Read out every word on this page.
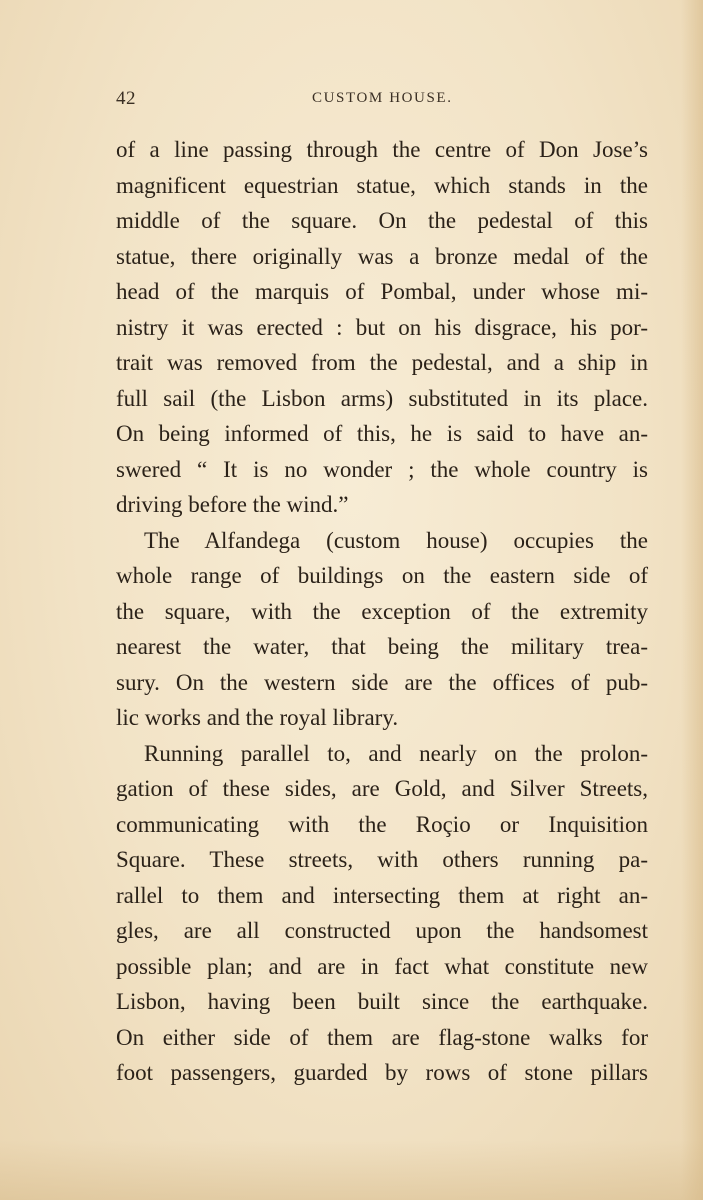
42	CUSTOM HOUSE.
of a line passing through the centre of Don Jose’s
magnificent equestrian statue, which stands in the
middle of the square. On the pedestal of this
statue, there originally was a bronze medal of the
head of the marquis of Pombal, under whose mi-
nistry it was erected : but on his disgrace, his por-
trait was removed from the pedestal, and a ship in
full sail (the Lisbon arms) substituted in its place.
On being informed of this, he is said to have an-
swered “ It is no wonder ; the whole country is
driving before the wind.”
The Alfandega (custom house) occupies the
whole range of buildings on the eastern side of
the square, with the exception of the extremity
nearest the water, that being the military trea-
sury. On the western side are the offices of pub-
lic works and the royal library.
Running parallel to, and nearly on the prolon-
gation of these sides, are Gold, and Silver Streets,
communicating with the Roçio or Inquisition
Square. These streets, with others running pa-
rallel to them and intersecting them at right an-
gles, are all constructed upon the handsomest
possible plan; and are in fact what constitute new
Lisbon, having been built since the earthquake.
On either side of them are flag-stone walks for
foot passengers, guarded by rows of stone pillars
